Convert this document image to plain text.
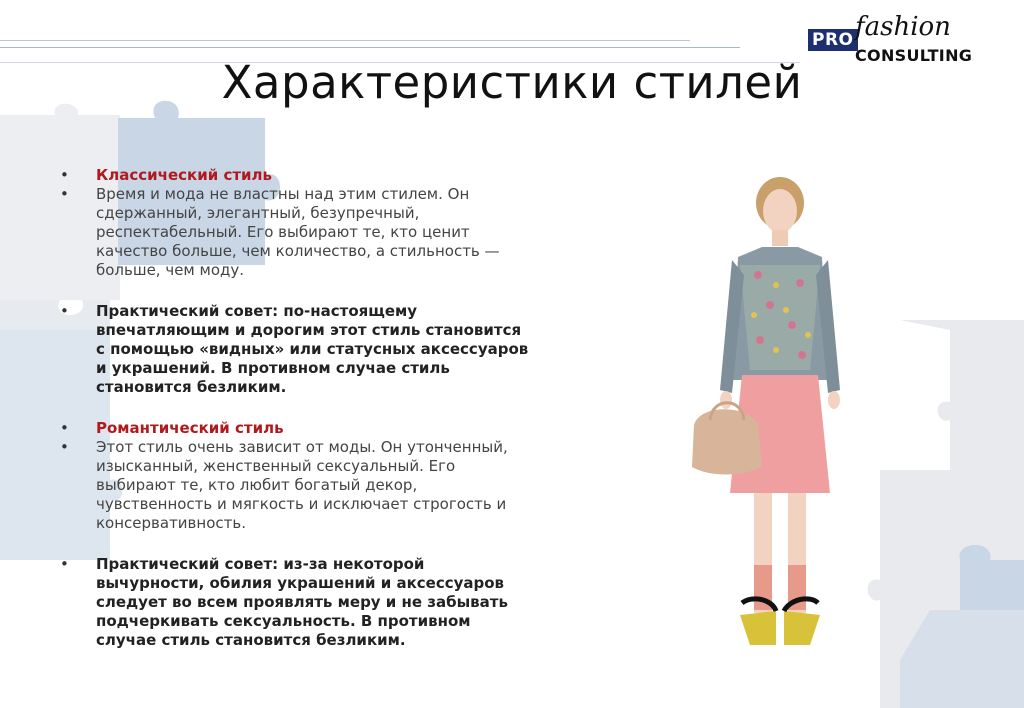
PRO fashion
CONSULTING
Характеристики стилей
• Классический стиль
• Время и мода не властны над этим стилем. Он сдержанный, элегантный, безупречный, респектабельный. Его выбирают те, кто ценит качество больше, чем количество, а стильность — больше, чем моду.
• Практический совет: по-настоящему впечатляющим и дорогим этот стиль становится с помощью «видных» или статусных аксессуаров и украшений. В противном случае стиль становится безликим.
• Романтический стиль
• Этот стиль очень зависит от моды. Он утонченный, изысканный, женственный сексуальный. Его выбирают те, кто любит богатый декор, чувственность и мягкость и исключает строгость и консервативность.
• Практический совет: из-за некоторой вычурности, обилия украшений и аксессуаров следует во всем проявлять меру и не забывать подчеркивать сексуальность. В противном случае стиль становится безликим.
